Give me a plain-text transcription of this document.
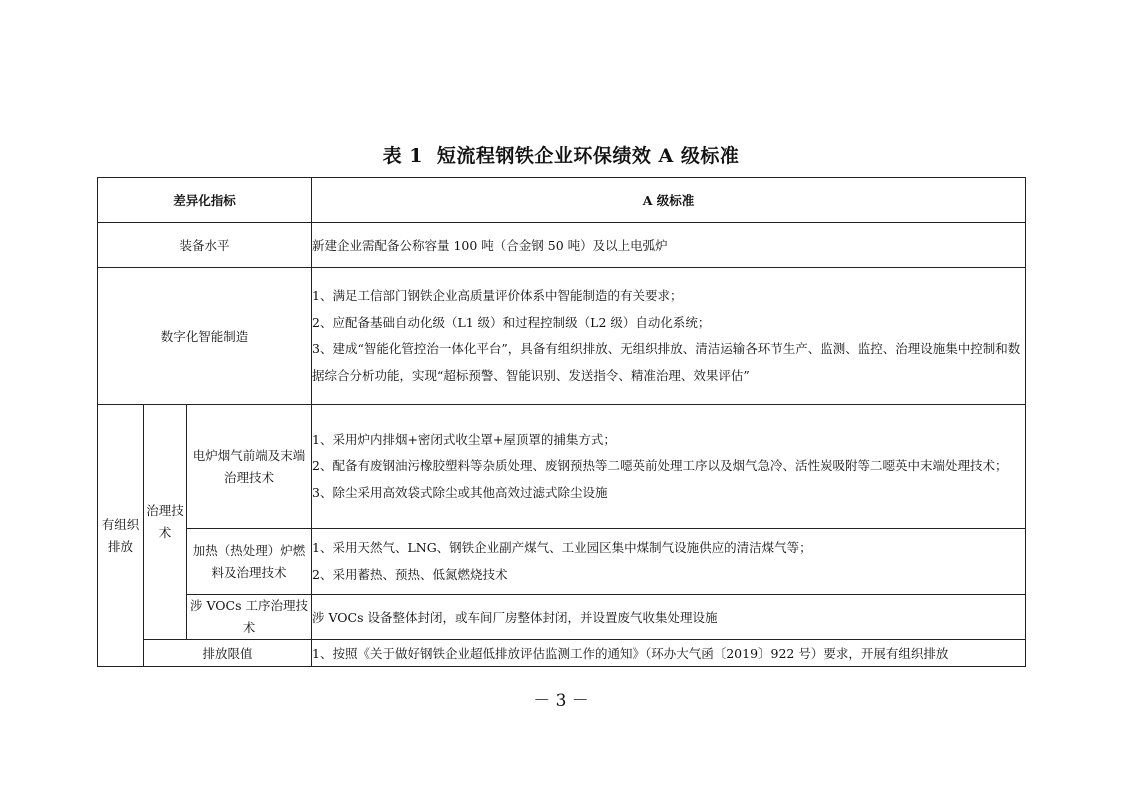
表 1 短流程钢铁企业环保绩效 A 级标准
差异化指标			A 级标准
装备水平			新建企业需配备公称容量 100 吨（合金钢 50 吨）及以上电弧炉
数字化智能制造			1、满足工信部门钢铁企业高质量评价体系中智能制造的有关要求；
2、应配备基础自动化级（L1 级）和过程控制级（L2 级）自动化系统；
3、建成“智能化管控治一体化平台”，具备有组织排放、无组织排放、清洁运输各环节生产、监测、监控、治理设施集中控制和数据综合分析功能，实现“超标预警、智能识别、发送指令、精准治理、效果评估”

有组织排放	治理技术	电炉烟气前端及末端治理技术	1、采用炉内排烟+密闭式收尘罩+屋顶罩的捕集方式；
2、配备有废钢油污橡胶塑料等杂质处理、废钢预热等二噁英前处理工序以及烟气急冷、活性炭吸附等二噁英中末端处理技术；
3、除尘采用高效袋式除尘或其他高效过滤式除尘设施

		加热（热处理）炉燃料及治理技术	1、采用天然气、LNG、钢铁企业副产煤气、工业园区集中煤制气设施供应的清洁煤气等；
2、采用蓄热、预热、低氮燃烧技术

		涉 VOCs 工序治理技术	涉 VOCs 设备整体封闭，或车间厂房整体封闭，并设置废气收集处理设施
	排放限值		1、按照《关于做好钢铁企业超低排放评估监测工作的通知》（环办大气函〔2019〕922 号）要求，开展有组织排放
－ 3 －
